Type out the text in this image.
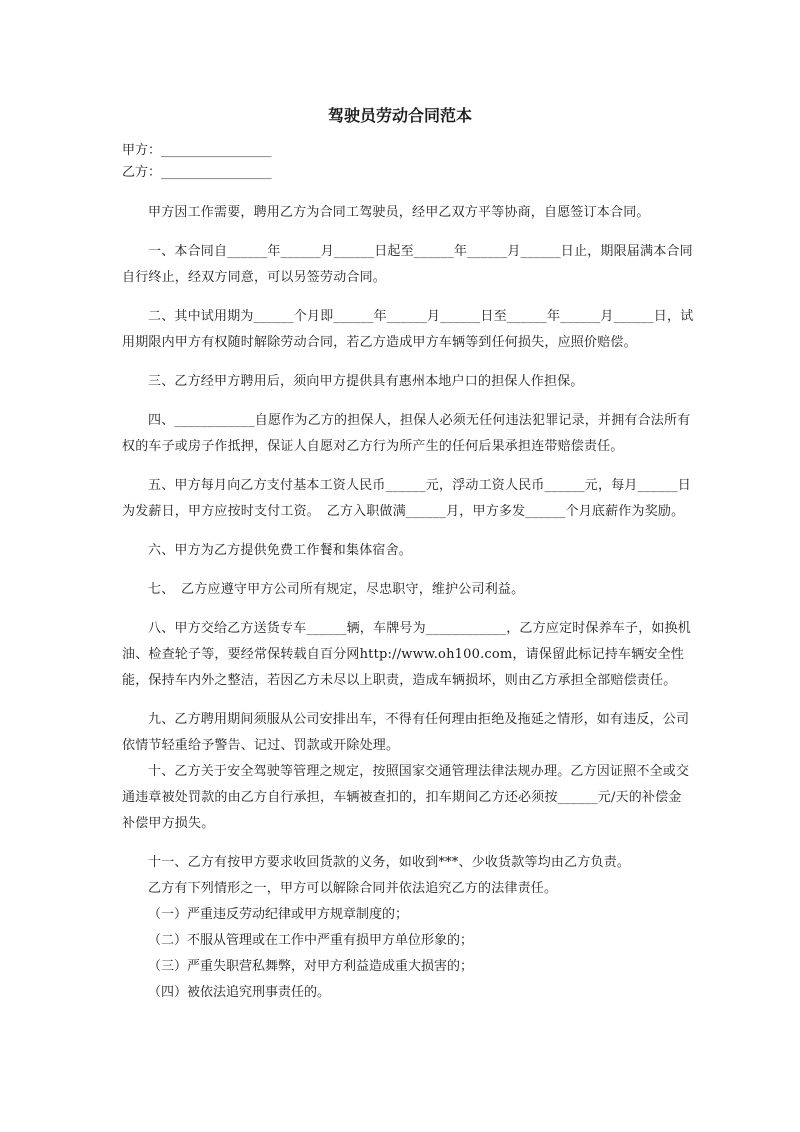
驾驶员劳动合同范本
甲方：_________________
乙方：_________________

甲方因工作需要，聘用乙方为合同工驾驶员，经甲乙双方平等协商，自愿签订本合同。

一、本合同自______年______月______日起至______年______月______日止，期限届满本合同自行终止，经双方同意，可以另签劳动合同。

二、其中试用期为______个月即______年______月______日至______年______月______日，试用期限内甲方有权随时解除劳动合同，若乙方造成甲方车辆等到任何损失，应照价赔偿。

三、乙方经甲方聘用后，须向甲方提供具有惠州本地户口的担保人作担保。

四、____________自愿作为乙方的担保人，担保人必须无任何违法犯罪记录，并拥有合法所有权的车子或房子作抵押，保证人自愿对乙方行为所产生的任何后果承担连带赔偿责任。

五、甲方每月向乙方支付基本工资人民币______元，浮动工资人民币______元，每月______日为发薪日，甲方应按时支付工资。　乙方入职做满______月，甲方多发______个月底薪作为奖励。

六、甲方为乙方提供免费工作餐和集体宿舍。

七、　乙方应遵守甲方公司所有规定，尽忠职守，维护公司利益。

八、甲方交给乙方送货专车______辆，车牌号为____________，乙方应定时保养车子，如换机油、检查轮子等，要经常保转载自百分网http://www.oh100.com，请保留此标记持车辆安全性能，保持车内外之整洁，若因乙方未尽以上职责，造成车辆损坏，则由乙方承担全部赔偿责任。

九、乙方聘用期间须服从公司安排出车，不得有任何理由拒绝及拖延之情形，如有违反，公司依情节轻重给予警告、记过、罚款或开除处理。

十、乙方关于安全驾驶等管理之规定，按照国家交通管理法律法规办理。乙方因证照不全或交通违章被处罚款的由乙方自行承担，车辆被查扣的，扣车期间乙方还必须按______元/天的补偿金补偿甲方损失。

十一、乙方有按甲方要求收回货款的义务，如收到***、少收货款等均由乙方负责。

乙方有下列情形之一，甲方可以解除合同并依法追究乙方的法律责任。

（一）严重违反劳动纪律或甲方规章制度的；

（二）不服从管理或在工作中严重有损甲方单位形象的；

（三）严重失职营私舞弊，对甲方利益造成重大损害的；

（四）被依法追究刑事责任的。
